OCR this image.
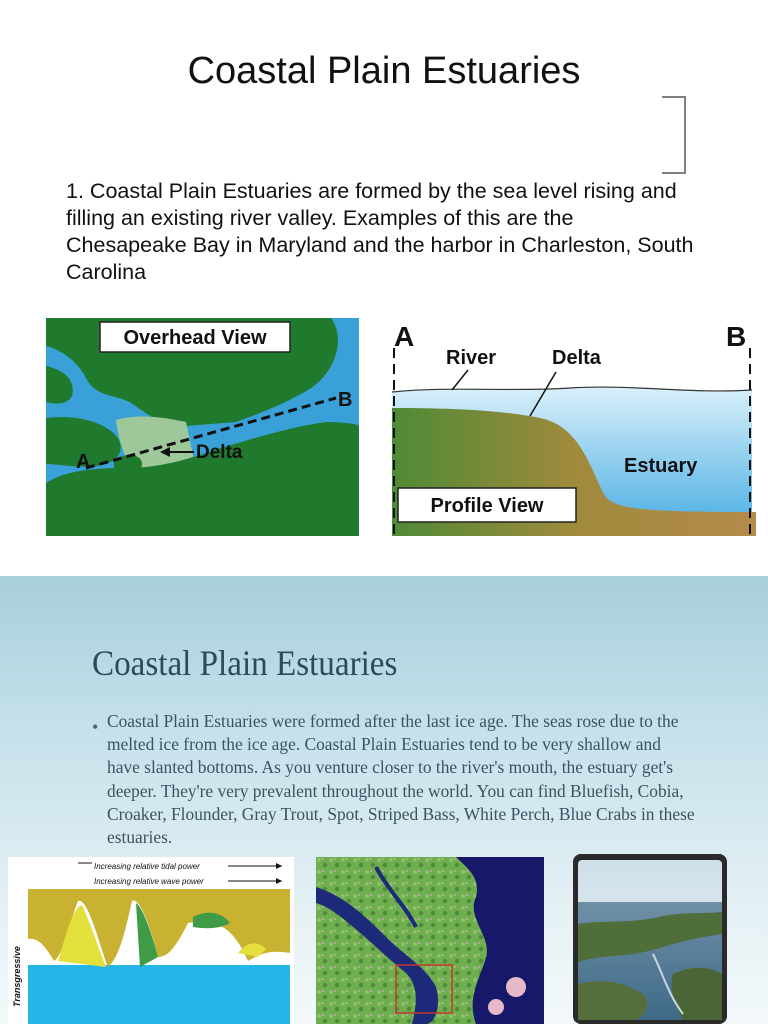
Coastal Plain Estuaries

1. Coastal Plain Estuaries are formed by the sea level rising and filling an existing river valley. Examples of this are the Chesapeake Bay in Maryland and the harbor in Charleston, South Carolina

Overhead View
A
B
Delta
A	B
River	Delta
Estuary
Profile View
Coastal Plain Estuaries
• Coastal Plain Estuaries were formed after the last ice age. The seas rose due to the melted ice from the ice age. Coastal Plain Estuaries tend to be very shallow and have slanted bottoms. As you venture closer to the river's mouth, the estuary get's deeper. They're very prevalent throughout the world. You can find Bluefish, Cobia, Croaker, Flounder, Gray Trout, Spot, Striped Bass, White Perch, Blue Crabs in these estuaries.

Increasing relative tidal power
Increasing relative wave power
Transgressive
